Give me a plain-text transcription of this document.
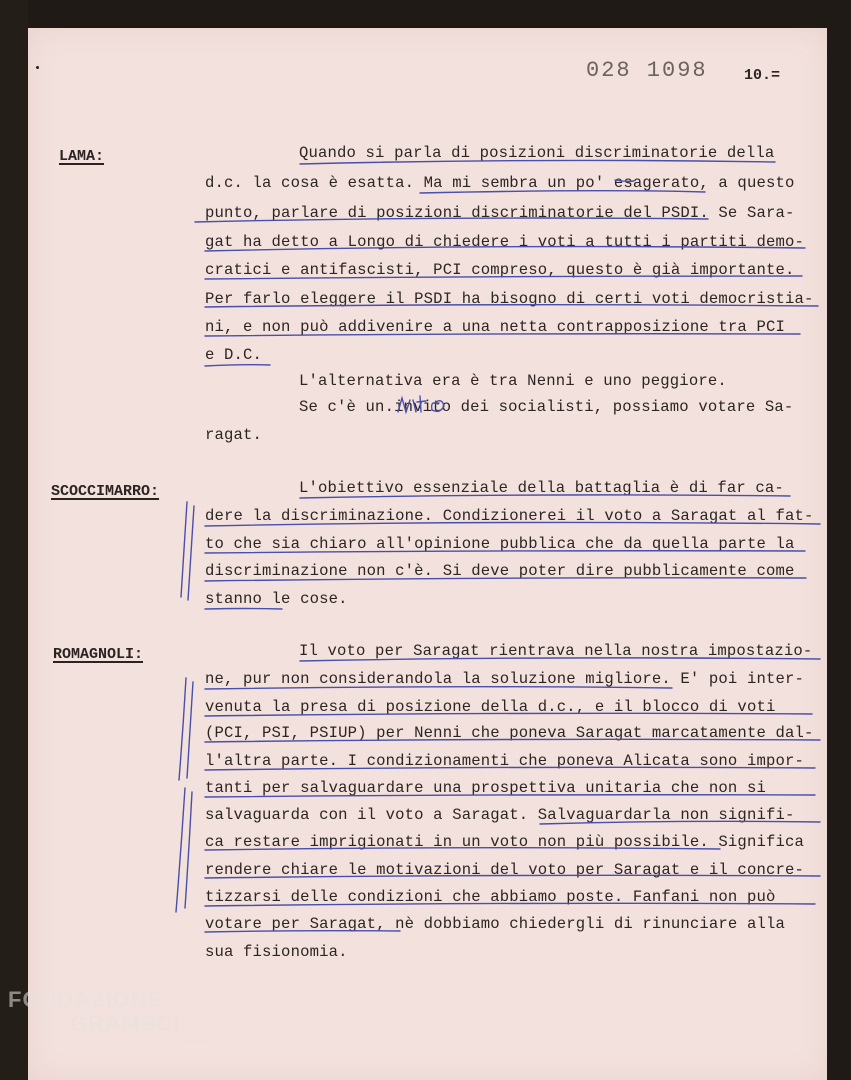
028 1098 10.=
LAMA:	Quando si parla di posizioni discriminatorie della
d.c. la cosa è esatta. Ma mi sembra un po' esagerato, a questo
punto, parlare di posizioni discriminatorie del PSDI. Se Sara-
gat ha detto a Longo di chiedere i voti a tutti i partiti demo-
cratici e antifascisti, PCI compreso, questo è già importante.
Per farlo eleggere il PSDI ha bisogno di certi voti democristia-
ni, e non può addivenire a una netta contrapposizione tra PCI
e D.C.
L'alternativa era è tra Nenni e uno peggiore.
Se c'è un.invito dei socialisti, possiamo votare Sa-
ragat.
SCOCCIMARRO:	L'obiettivo essenziale della battaglia è di far ca-
dere la discriminazione. Condizionerei il voto a Saragat al fat-
to che sia chiaro all'opinione pubblica che da quella parte la
discriminazione non c'è. Si deve poter dire pubblicamente come
stanno le cose.
ROMAGNOLI:	Il voto per Saragat rientrava nella nostra impostazio-
ne, pur non considerandola la soluzione migliore. E' poi inter-
venuta la presa di posizione della d.c., e il blocco di voti
(PCI, PSI, PSIUP) per Nenni che poneva Saragat marcatamente dal-
l'altra parte. I condizionamenti che poneva Alicata sono impor-
tanti per salvaguardare una prospettiva unitaria che non si
salvaguarda con il voto a Saragat. Salvaguardarla non signifi-
ca restare imprigionati in un voto non più possibile. Significa
rendere chiare le motivazioni del voto per Saragat e il concre-
tizzarsi delle condizioni che abbiamo poste. Fanfani non può
votare per Saragat, nè dobbiamo chiedergli di rinunciare alla
sua fisionomia.
FONDAZIONE
GRAMSCI
onlus
